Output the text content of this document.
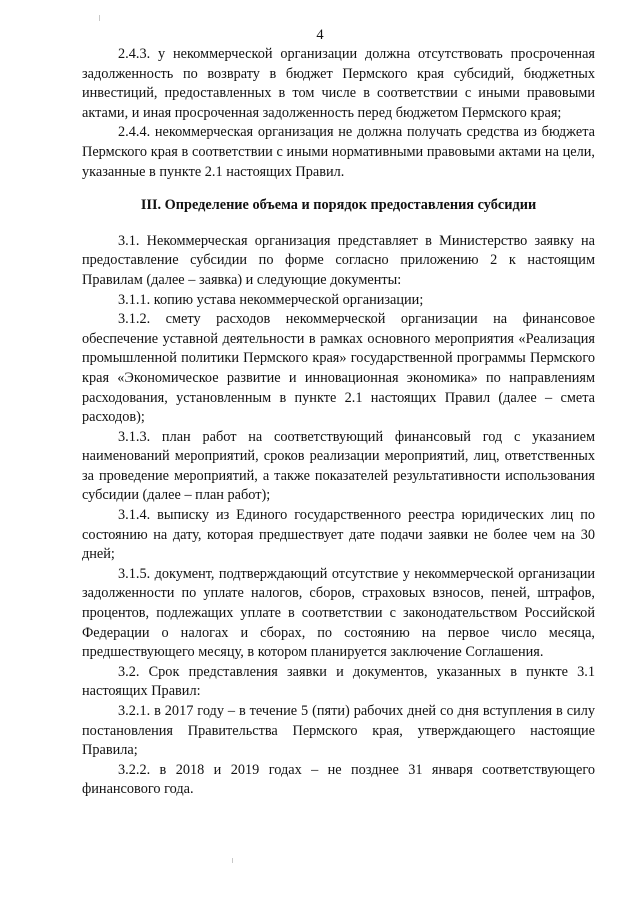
4

2.4.3. у некоммерческой организации должна отсутствовать просроченная задолженность по возврату в бюджет Пермского края субсидий, бюджетных инвестиций, предоставленных в том числе в соответствии с иными правовыми актами, и иная просроченная задолженность перед бюджетом Пермского края;

2.4.4. некоммерческая организация не должна получать средства из бюджета Пермского края в соответствии с иными нормативными правовыми актами на цели, указанные в пункте 2.1 настоящих Правил.

III. Определение объема и порядок предоставления субсидии

3.1. Некоммерческая организация представляет в Министерство заявку на предоставление субсидии по форме согласно приложению 2 к настоящим Правилам (далее – заявка) и следующие документы:

3.1.1. копию устава некоммерческой организации;

3.1.2. смету расходов некоммерческой организации на финансовое обеспечение уставной деятельности в рамках основного мероприятия «Реализация промышленной политики Пермского края» государственной программы Пермского края «Экономическое развитие и инновационная экономика» по направлениям расходования, установленным в пункте 2.1 настоящих Правил (далее – смета расходов);

3.1.3. план работ на соответствующий финансовый год с указанием наименований мероприятий, сроков реализации мероприятий, лиц, ответственных за проведение мероприятий, а также показателей результативности использования субсидии (далее – план работ);

3.1.4. выписку из Единого государственного реестра юридических лиц по состоянию на дату, которая предшествует дате подачи заявки не более чем на 30 дней;

3.1.5. документ, подтверждающий отсутствие у некоммерческой организации задолженности по уплате налогов, сборов, страховых взносов, пеней, штрафов, процентов, подлежащих уплате в соответствии с законодательством Российской Федерации о налогах и сборах, по состоянию на первое число месяца, предшествующего месяцу, в котором планируется заключение Соглашения.

3.2. Срок представления заявки и документов, указанных в пункте 3.1 настоящих Правил:

3.2.1. в 2017 году – в течение 5 (пяти) рабочих дней со дня вступления в силу постановления Правительства Пермского края, утверждающего настоящие Правила;

3.2.2. в 2018 и 2019 годах – не позднее 31 января соответствующего финансового года.
